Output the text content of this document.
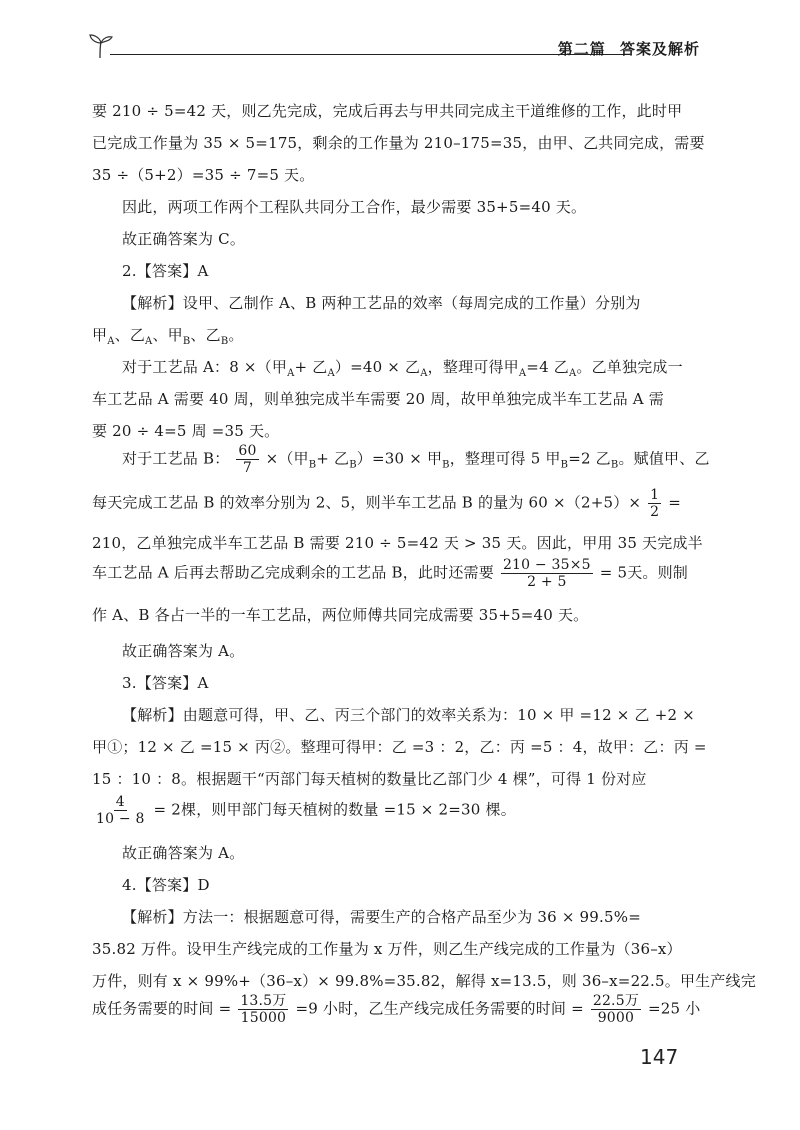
第二篇 答案及解析
要 210 ÷ 5=42 天，则乙先完成，完成后再去与甲共同完成主干道维修的工作，此时甲
已完成工作量为 35 × 5=175，剩余的工作量为 210–175=35，由甲、乙共同完成，需要
35 ÷（5+2）=35 ÷ 7=5 天。
因此，两项工作两个工程队共同分工合作，最少需要 35+5=40 天。
故正确答案为 C。
2.【答案】A
【解析】设甲、乙制作 A、B 两种工艺品的效率（每周完成的工作量）分别为
甲$_A$、乙$_A$、甲$_B$、乙$_B$。
对于工艺品 A：8 ×（甲$_A$+ 乙$_A$）=40 × 乙$_A$，整理可得甲$_A$=4 乙$_A$。乙单独完成一
车工艺品 A 需要 40 周，则单独完成半车需要 20 周，故甲单独完成半车工艺品 A 需
要 20 ÷ 4=5 周 =35 天。
对于工艺品 B： $\frac{60}{7}$ ×（甲$_B$+ 乙$_B$）=30 × 甲$_B$，整理可得 5 甲$_B$=2 乙$_B$。赋值甲、乙
每天完成工艺品 B 的效率分别为 2、5，则半车工艺品 B 的量为 $60 \times(2+5)\times \frac{1}{2}$ =
210，乙单独完成半车工艺品 B 需要 210 ÷ 5=42 天 > 35 天。因此，甲用 35 天完成半
车工艺品 A 后再去帮助乙完成剩余的工艺品 B，此时还需要 $\frac{210 - 35\times 5}{2 + 5} = 5$天。则制
作 A、B 各占一半的一车工艺品，两位师傅共同完成需要 35+5=40 天。
故正确答案为 A。
3.【答案】A
【解析】由题意可得，甲、乙、丙三个部门的效率关系为：10 × 甲 =12 × 乙 +2 ×
甲①；12 × 乙 =15 × 丙②。整理可得甲：乙 =3 ：2，乙：丙 =5 ：4，故甲：乙：丙 =
15 ：10 ：8。根据题干“丙部门每天植树的数量比乙部门少 4 棵”，可得 1 份对应
$\frac{4}{10 - 8} = 2$棵，则甲部门每天植树的数量 =15 × 2=30 棵。
故正确答案为 A。
4.【答案】D
【解析】方法一：根据题意可得，需要生产的合格产品至少为 36 × 99.5%=
35.82 万件。设甲生产线完成的工作量为 x 万件，则乙生产线完成的工作量为（36–x）
万件，则有 x × 99%+（36–x）× 99.8%=35.82，解得 x=13.5，则 36–x=22.5。甲生产线完
成任务需要的时间 = $\frac{\text{13.5万}}{15000} =9$ 小时，乙生产线完成任务需要的时间 = $\frac{\text{22.5万}}{9000} =25$ 小
147
